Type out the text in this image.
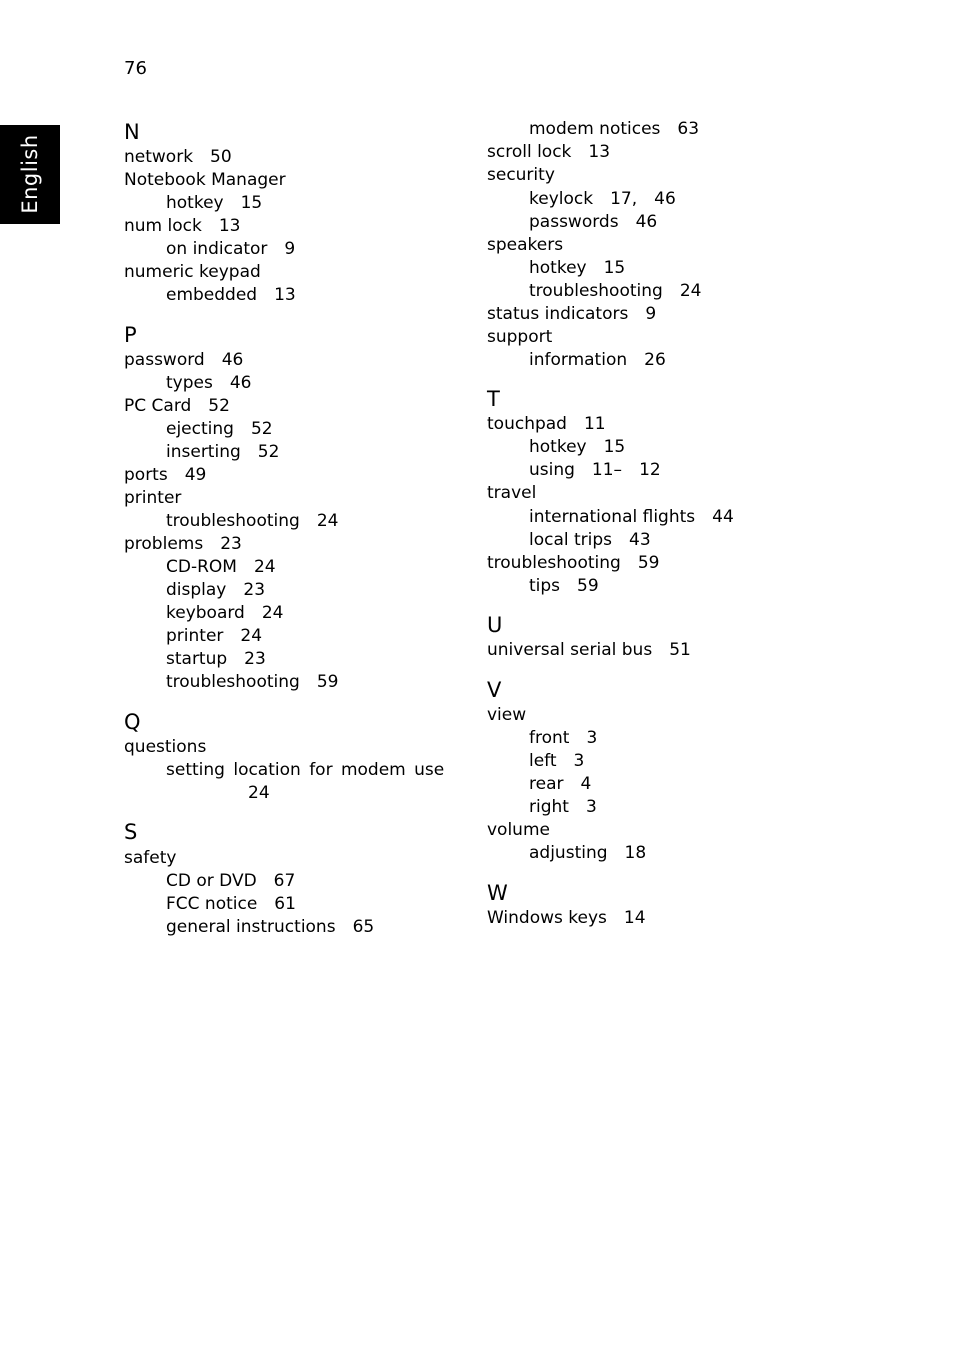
76
English
N
network 50
Notebook Manager
hotkey 15
num lock 13
on indicator 9
numeric keypad
embedded 13
P
password 46
types 46
PC Card 52
ejecting 52
inserting 52
ports 49
printer
troubleshooting 24
problems 23
CD-ROM 24
display 23
keyboard 24
printer 24
startup 23
troubleshooting 59
Q
questions
setting location for modem use
24
S
safety
CD or DVD 67
FCC notice 61
general instructions 65
modem notices 63
scroll lock 13
security
keylock 17, 46
passwords 46
speakers
hotkey 15
troubleshooting 24
status indicators 9
support
information 26
T
touchpad 11
hotkey 15
using 11– 12
travel
international flights 44
local trips 43
troubleshooting 59
tips 59
U
universal serial bus 51
V
view
front 3
left 3
rear 4
right 3
volume
adjusting 18
W
Windows keys 14
